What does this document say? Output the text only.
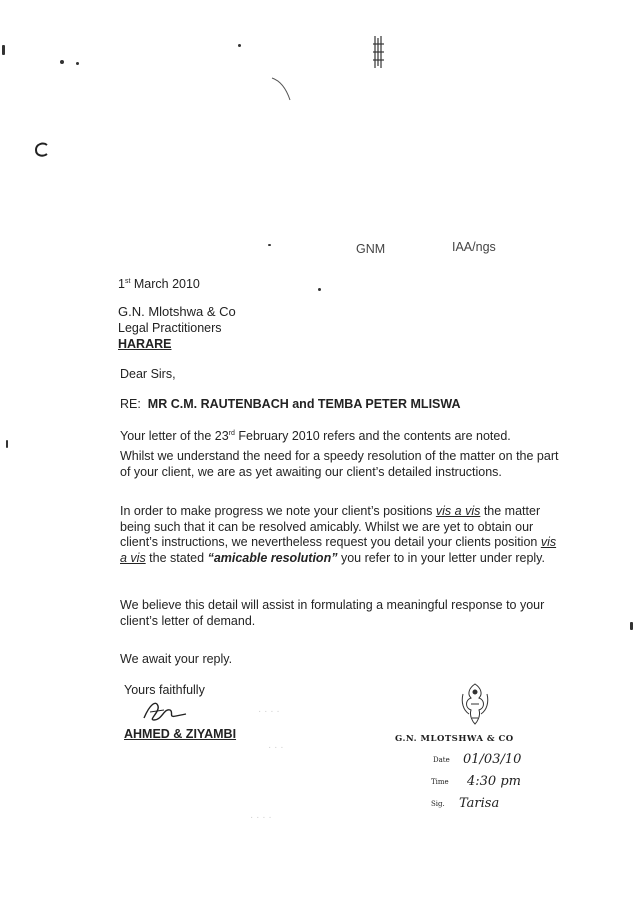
GNM	IAA/ngs
1st March 2010
G.N. Mlotshwa & Co
Legal Practitioners
HARARE
Dear Sirs,
RE: MR C.M. RAUTENBACH and TEMBA PETER MLISWA
Your letter of the 23rd February 2010 refers and the contents are noted.
Whilst we understand the need for a speedy resolution of the matter on the part of your client, we are as yet awaiting our client’s detailed instructions.
In order to make progress we note your client’s positions vis a vis the matter being such that it can be resolved amicably. Whilst we are yet to obtain our client’s instructions, we nevertheless request you detail your clients position vis a vis the stated “amicable resolution” you refer to in your letter under reply.
We believe this detail will assist in formulating a meaningful response to your client’s letter of demand.
We await your reply.
Yours faithfully
AHMED & ZIYAMBI
· · · ·
· · ·
· · · ·
G.N. MLOTSHWA & CO
Date 01/03/10
Time 4:30 pm
Sig. Tarisa
